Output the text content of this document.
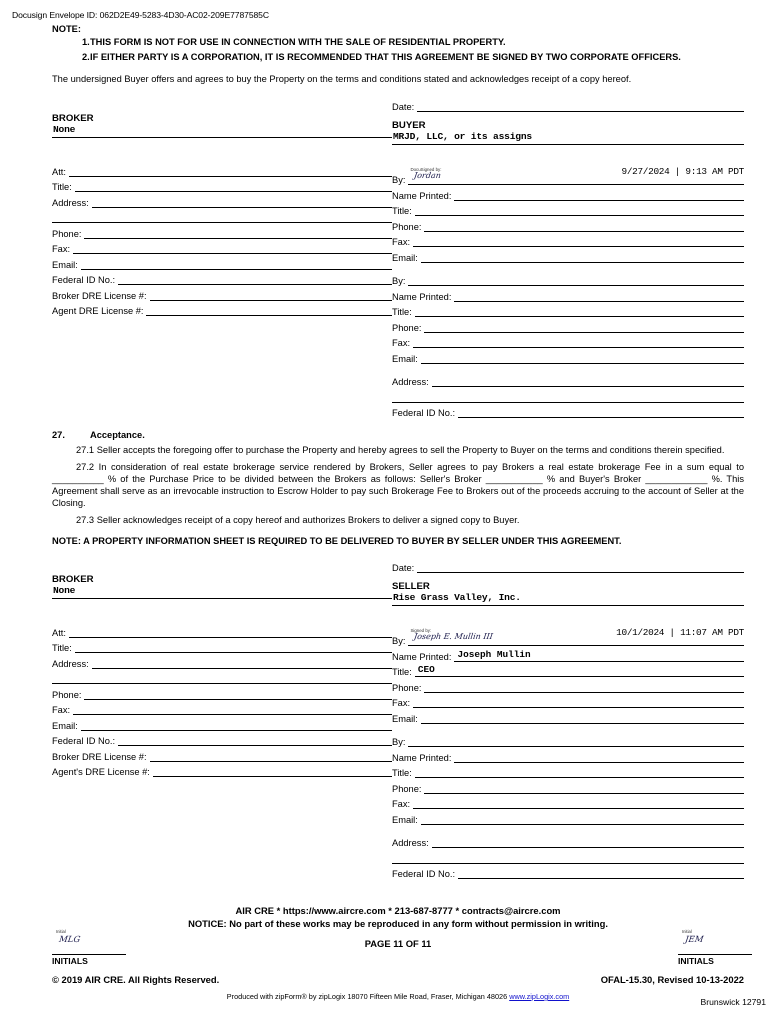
Docusign Envelope ID: 062D2E49-5283-4D30-AC02-209E7787585C
NOTE:
1. THIS FORM IS NOT FOR USE IN CONNECTION WITH THE SALE OF RESIDENTIAL PROPERTY.
2. IF EITHER PARTY IS A CORPORATION, IT IS RECOMMENDED THAT THIS AGREEMENT BE SIGNED BY TWO CORPORATE OFFICERS.
The undersigned Buyer offers and agrees to buy the Property on the terms and conditions stated and acknowledges receipt of a copy hereof.
BROKER
None
Att:
Title:
Address:
Phone:
Fax:
Email:
Federal ID No.:
Broker DRE License #:
Agent DRE License #:
Date:
BUYER
MRJD, LLC, or its assigns
By:
DocuSigned by:
Jordan	9/27/2024 | 9:13 AM PDT
Name Printed:
Title:
Phone:
Fax:
Email:
By:
Name Printed:
Title:
Phone:
Fax:
Email:
Address:
Federal ID No.:
27.	Acceptance.
27.1 Seller accepts the foregoing offer to purchase the Property and hereby agrees to sell the Property to Buyer on the terms and conditions therein specified.
27.2 In consideration of real estate brokerage service rendered by Brokers, Seller agrees to pay Brokers a real estate brokerage Fee in a sum equal to __________ % of the Purchase Price to be divided between the Brokers as follows: Seller's Broker ___________ % and Buyer's Broker ____________ %. This Agreement shall serve as an irrevocable instruction to Escrow Holder to pay such Brokerage Fee to Brokers out of the proceeds accruing to the account of Seller at the Closing.
27.3 Seller acknowledges receipt of a copy hereof and authorizes Brokers to deliver a signed copy to Buyer.
NOTE: A PROPERTY INFORMATION SHEET IS REQUIRED TO BE DELIVERED TO BUYER BY SELLER UNDER THIS AGREEMENT.
BROKER
None
Att:
Title:
Address:
Phone:
Fax:
Email:
Federal ID No.:
Broker DRE License #:
Agent's DRE License #:
Date:
SELLER
Rise Grass Valley, Inc.
By:
Signed by:
Joseph E. Mullin III	10/1/2024 | 11:07 AM PDT
Name Printed: Joseph Mullin
Title: CEO
Phone:
Fax:
Email:
By:
Name Printed:
Title:
Phone:
Fax:
Email:
Address:
Federal ID No.:
Initial
MLG
INITIALS
Initial
JEM
INITIALS
AIR CRE * https://www.aircre.com * 213-687-8777 * contracts@aircre.com
NOTICE: No part of these works may be reproduced in any form without permission in writing.
PAGE 11 OF 11
© 2019 AIR CRE. All Rights Reserved.	OFAL-15.30, Revised 10-13-2022
Produced with zipForm® by zipLogix 18070 Fifteen Mile Road, Fraser, Michigan 48026 www.zipLogix.com
Brunswick 12791
